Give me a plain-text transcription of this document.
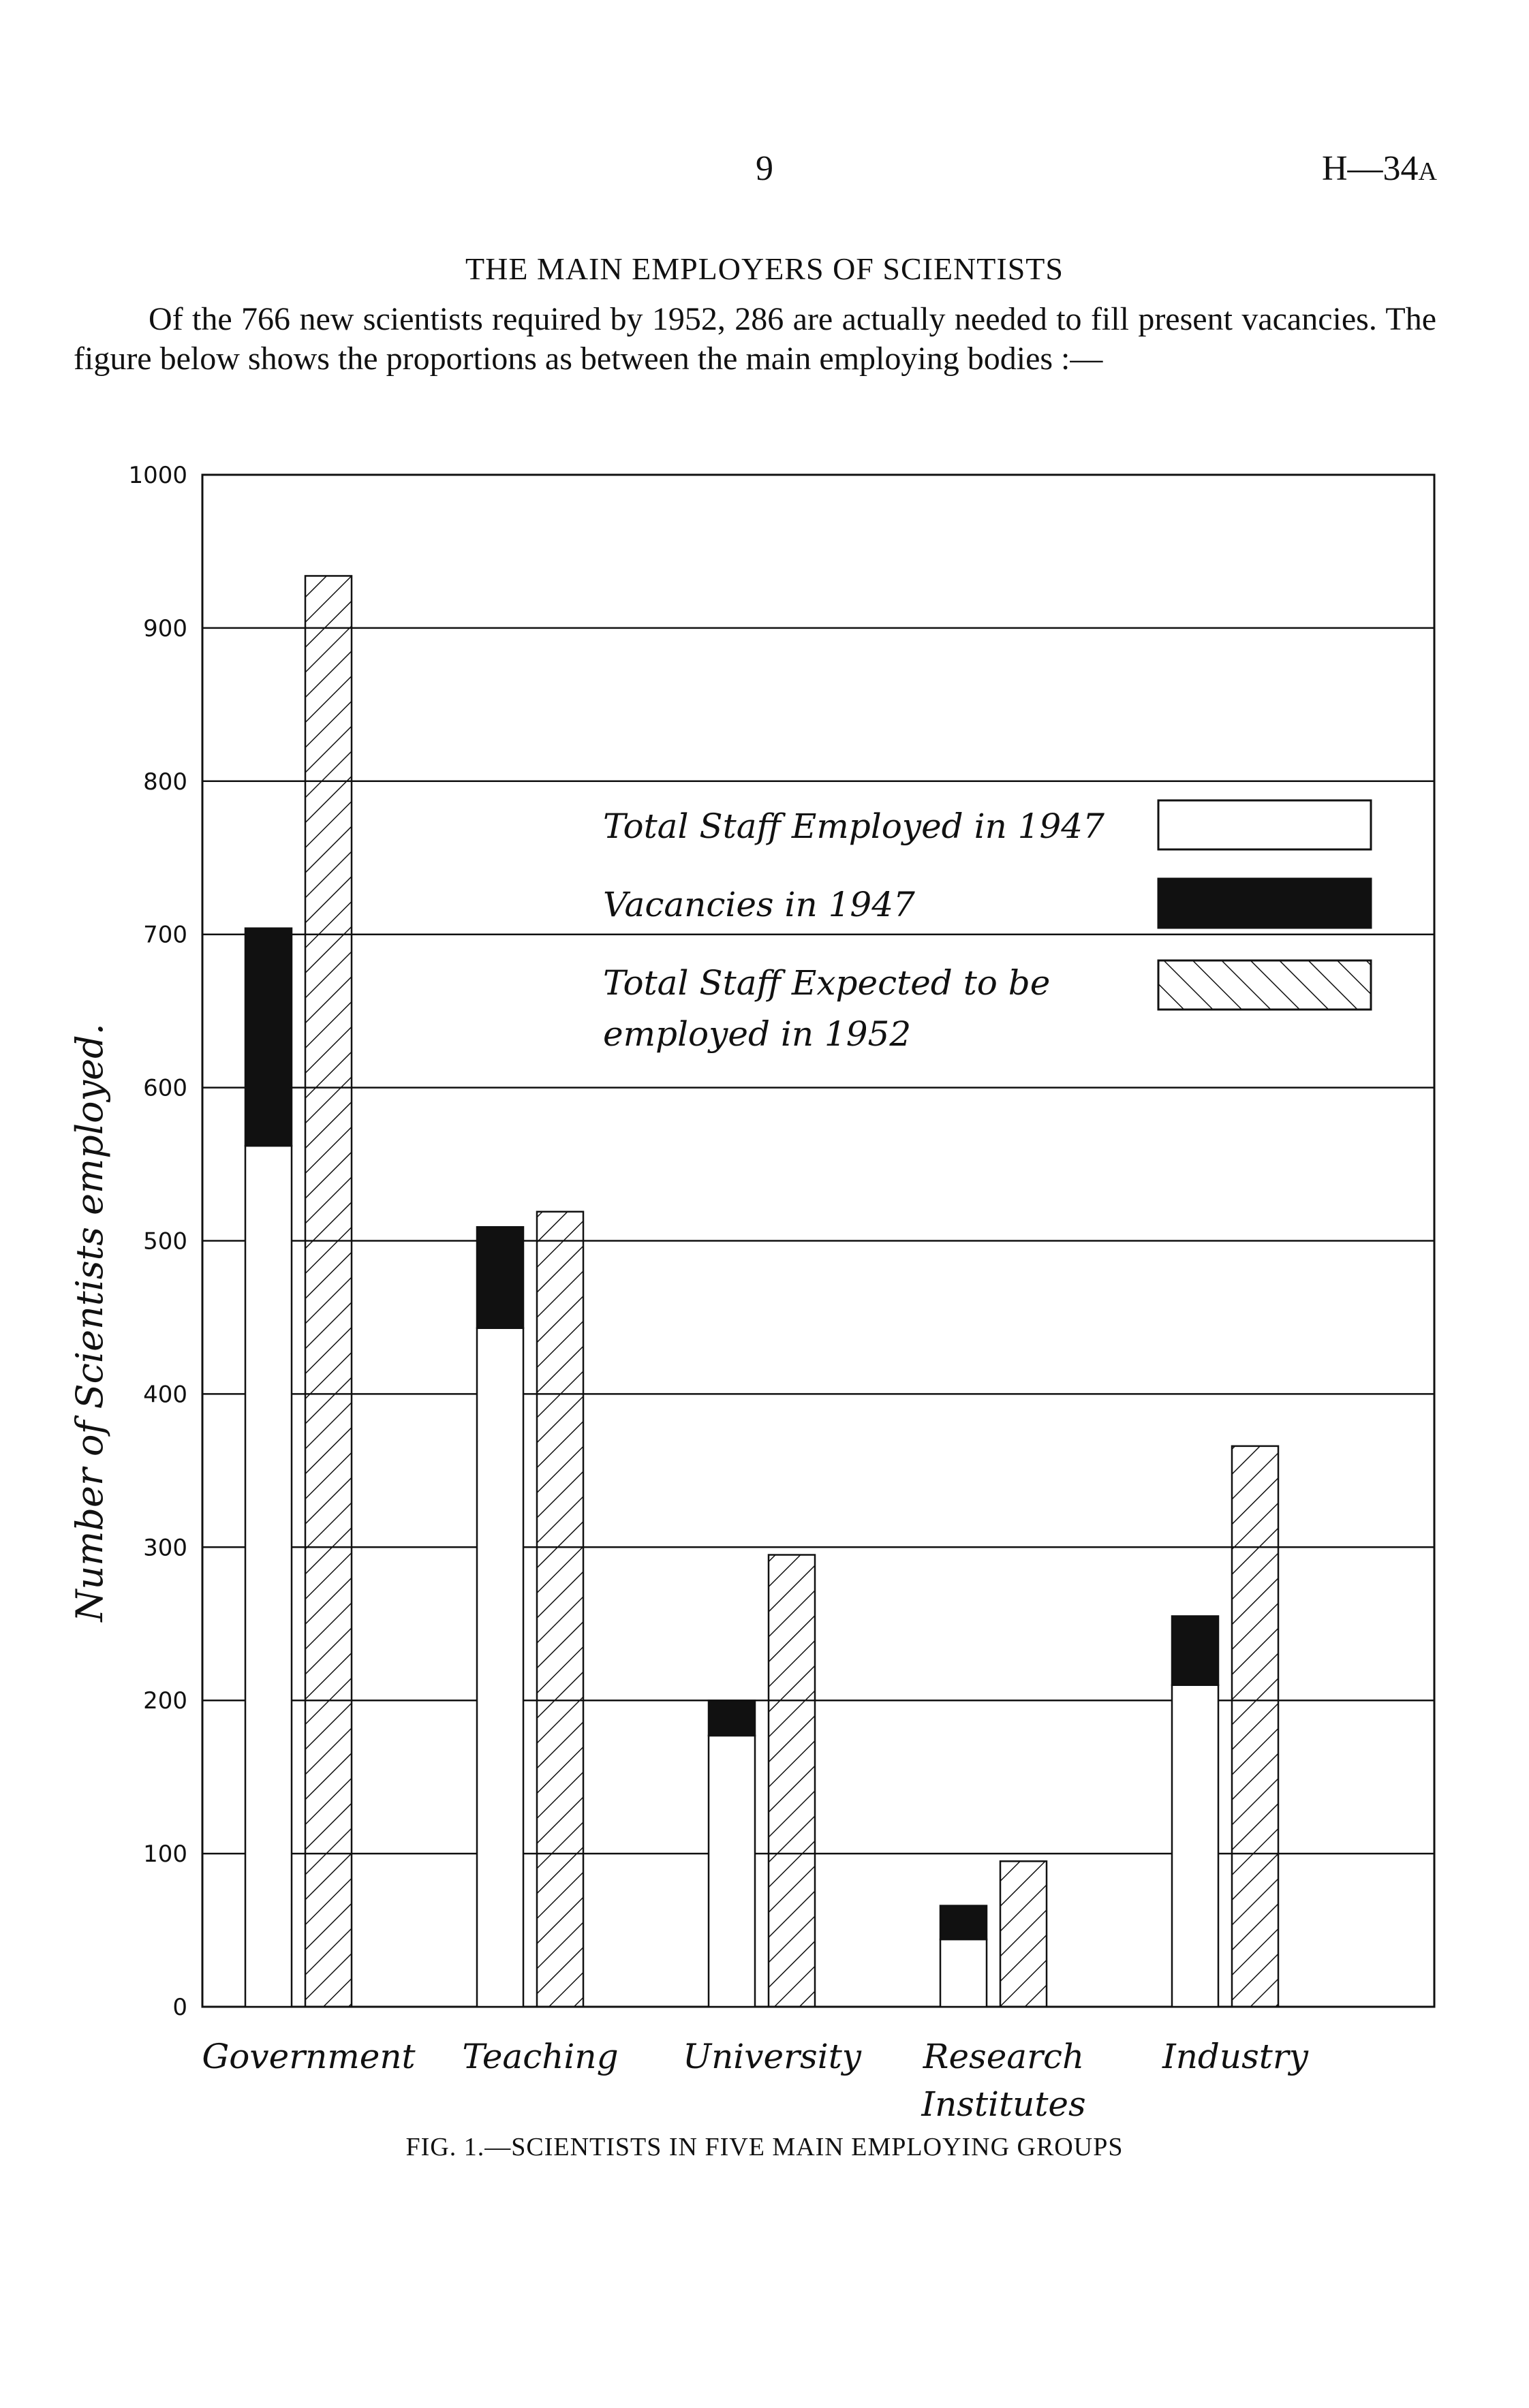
9	H—34A
THE MAIN EMPLOYERS OF SCIENTISTS
Of the 766 new scientists required by 1952, 286 are actually needed to fill present vacancies. The figure below shows the proportions as between the main employing bodies :—
0
100
200
300
400
500
600
700
800
900
1000
Number of Scientists employed.
Government Teaching University Research
Institutes
Industry
Total Staff Employed in 1947
Vacancies in 1947
Total Staff Expected to be
employed in 1952
FIG. 1.—SCIENTISTS IN FIVE MAIN EMPLOYING GROUPS
